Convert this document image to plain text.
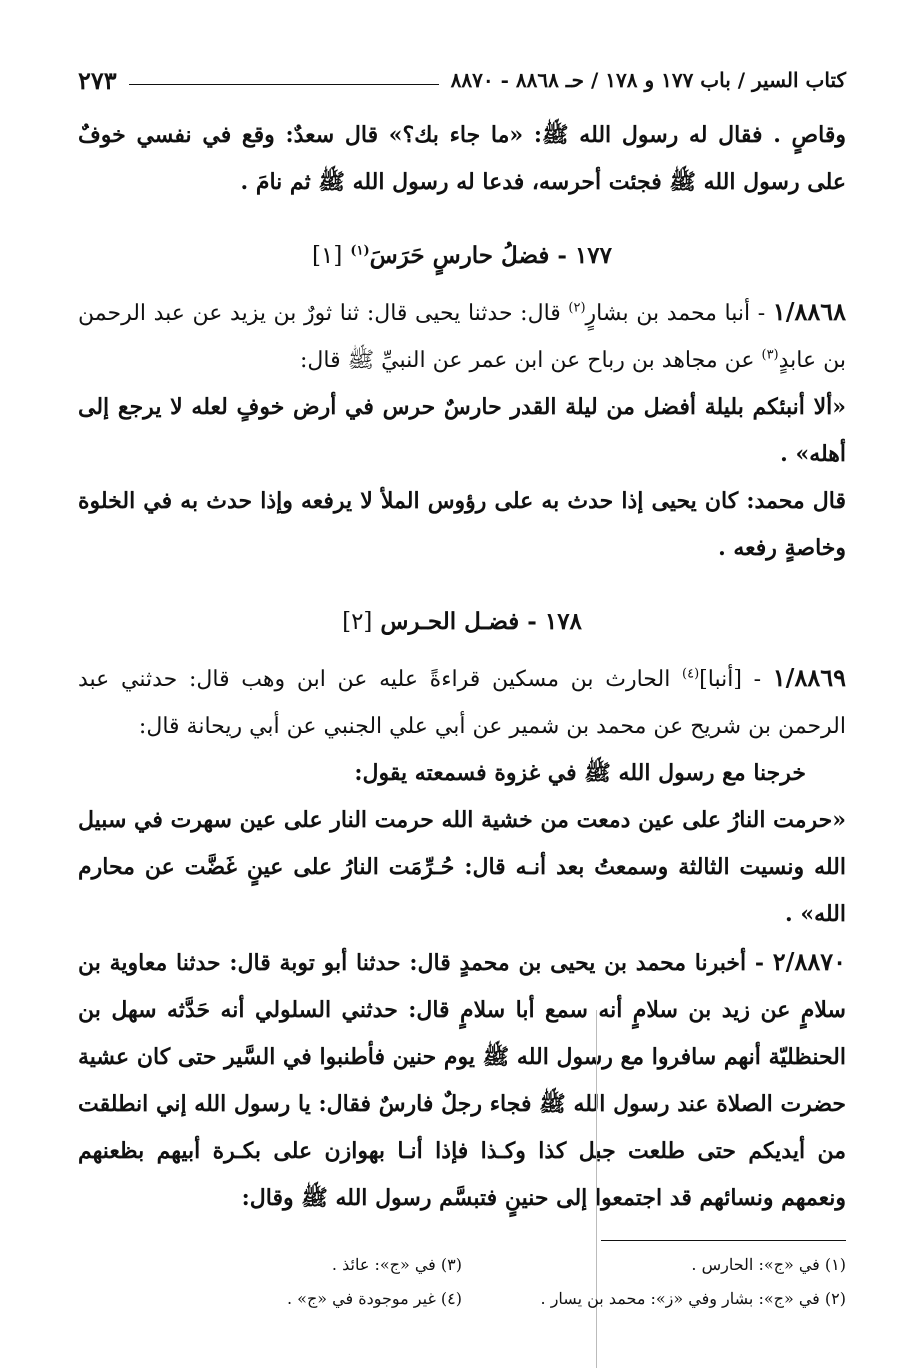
كتاب السير / باب ١٧٧ و ١٧٨ / حـ ٨٨٦٨ - ٨٨٧٠
٢٧٣

وقاصٍ . فقال له رسول الله ﷺ: «ما جاء بك؟» قال سعدٌ: وقع في نفسي خوفٌ على رسول الله ﷺ فجئت أحرسه، فدعا له رسول الله ﷺ ثم نامَ .

١٧٧ - فضلُ حارسٍ حَرَسَ$^{(١)}$ [١]

١/٨٨٦٨ - أنبا محمد بن بشارٍ$^{(٢)}$ قال: حدثنا يحيى قال: ثنا ثورٌ بن يزيد عن عبد الرحمن بن عابدٍ$^{(٣)}$ عن مجاهد بن رباح عن ابن عمر عن النبيِّ ﷺ قال:

«ألا أنبئكم بليلة أفضل من ليلة القدر حارسٌ حرس في أرض خوفٍ لعله لا يرجع إلى أهله» .

قال محمد: كان يحيى إذا حدث به على رؤوس الملأ لا يرفعه وإذا حدث به في الخلوة وخاصةٍ رفعه .

١٧٨ - فضـل الحـرس [٢]

١/٨٨٦٩ - [أنبا]$^{(٤)}$ الحارث بن مسكين قراءةً عليه عن ابن وهب قال: حدثني عبد الرحمن بن شريح عن محمد بن شمير عن أبي علي الجنبي عن أبي ريحانة قال:

خرجنا مع رسول الله ﷺ في غزوة فسمعته يقول:

«حرمت النارُ على عين دمعت من خشية الله حرمت النار على عين سهرت في سبيل الله ونسيت الثالثة وسمعتُ بعد أنـه قال: حُـرِّمَت النارُ على عينٍ غَضَّت عن محارم الله» .

٢/٨٨٧٠ - أخبرنا محمد بن يحيى بن محمدٍ قال: حدثنا أبو توبة قال: حدثنا معاوية بن سلامٍ عن زيد بن سلامٍ أنه سمع أبا سلامٍ قال: حدثني السلولي أنه حَدَّثه سهل بن الحنظليّة أنهم سافروا مع رسول الله ﷺ يوم حنين فأطنبوا في السَّير حتى كان عشية حضرت الصلاة عند رسول الله ﷺ فجاء رجلٌ فارسٌ فقال: يا رسول الله إني انطلقت من أيديكم حتى طلعت جبل كذا وكـذا فإذا أنـا بهوازن على بكـرة أبيهم بظعنهم ونعمهم ونسائهم قد اجتمعوا إلى حنينٍ فتبسَّم رسول الله ﷺ وقال:

(١) في «ج»: الحارس .

(٢) في «ج»: بشار وفي «ز»: محمد بن يسار .

(٣) في «ج»: عائذ .

(٤) غير موجودة في «ج» .
